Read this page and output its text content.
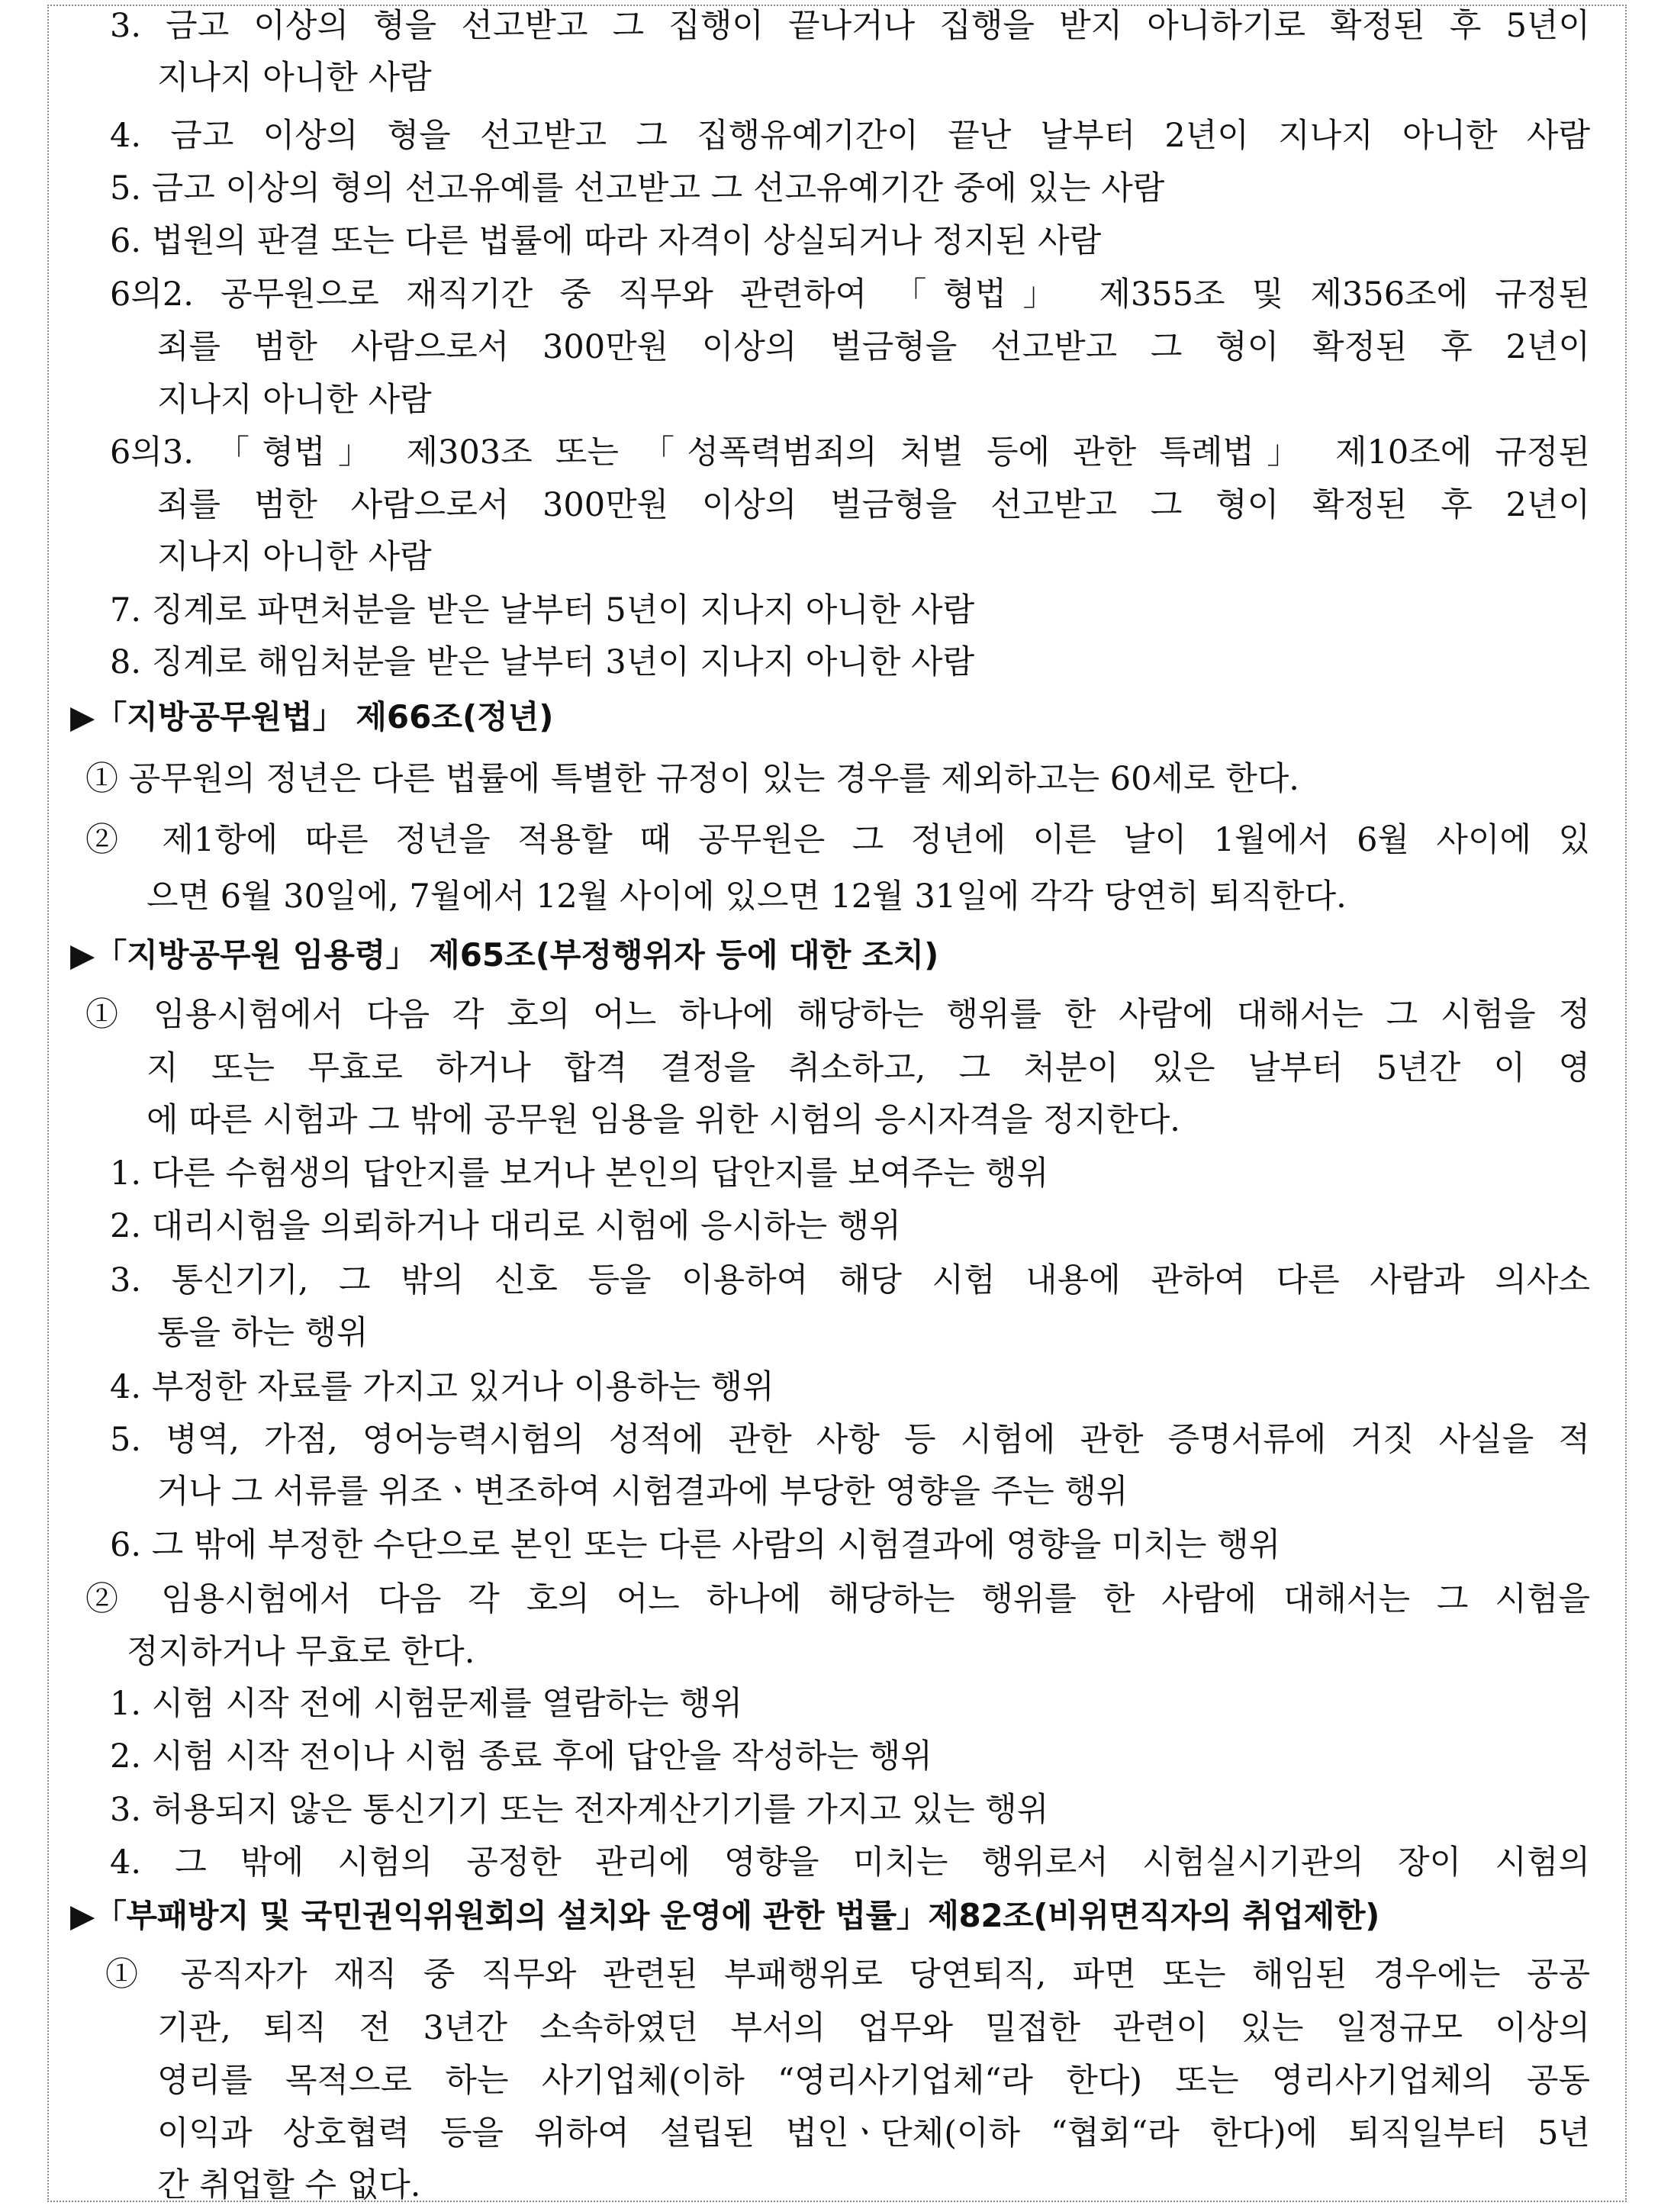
3. 금고 이상의 형을 선고받고 그 집행이 끝나거나 집행을 받지 아니하기로 확정된 후 5년이
지나지 아니한 사람
4. 금고 이상의 형을 선고받고 그 집행유예기간이 끝난 날부터 2년이 지나지 아니한 사람
5. 금고 이상의 형의 선고유예를 선고받고 그 선고유예기간 중에 있는 사람
6. 법원의 판결 또는 다른 법률에 따라 자격이 상실되거나 정지된 사람
6의2. 공무원으로 재직기간 중 직무와 관련하여 「형법」 제355조 및 제356조에 규정된
죄를 범한 사람으로서 300만원 이상의 벌금형을 선고받고 그 형이 확정된 후 2년이
지나지 아니한 사람
6의3. 「형법」 제303조 또는 「성폭력범죄의 처벌 등에 관한 특례법」 제10조에 규정된
죄를 범한 사람으로서 300만원 이상의 벌금형을 선고받고 그 형이 확정된 후 2년이
지나지 아니한 사람
7. 징계로 파면처분을 받은 날부터 5년이 지나지 아니한 사람
8. 징계로 해임처분을 받은 날부터 3년이 지나지 아니한 사람
▶「지방공무원법」 제66조(정년)
① 공무원의 정년은 다른 법률에 특별한 규정이 있는 경우를 제외하고는 60세로 한다.
② 제1항에 따른 정년을 적용할 때 공무원은 그 정년에 이른 날이 1월에서 6월 사이에 있
으면 6월 30일에, 7월에서 12월 사이에 있으면 12월 31일에 각각 당연히 퇴직한다.
▶「지방공무원 임용령」 제65조(부정행위자 등에 대한 조치)
① 임용시험에서 다음 각 호의 어느 하나에 해당하는 행위를 한 사람에 대해서는 그 시험을 정
지 또는 무효로 하거나 합격 결정을 취소하고, 그 처분이 있은 날부터 5년간 이 영
에 따른 시험과 그 밖에 공무원 임용을 위한 시험의 응시자격을 정지한다.
1. 다른 수험생의 답안지를 보거나 본인의 답안지를 보여주는 행위
2. 대리시험을 의뢰하거나 대리로 시험에 응시하는 행위
3. 통신기기, 그 밖의 신호 등을 이용하여 해당 시험 내용에 관하여 다른 사람과 의사소
통을 하는 행위
4. 부정한 자료를 가지고 있거나 이용하는 행위
5. 병역, 가점, 영어능력시험의 성적에 관한 사항 등 시험에 관한 증명서류에 거짓 사실을 적
거나 그 서류를 위조ㆍ변조하여 시험결과에 부당한 영향을 주는 행위
6. 그 밖에 부정한 수단으로 본인 또는 다른 사람의 시험결과에 영향을 미치는 행위
② 임용시험에서 다음 각 호의 어느 하나에 해당하는 행위를 한 사람에 대해서는 그 시험을
정지하거나 무효로 한다.
1. 시험 시작 전에 시험문제를 열람하는 행위
2. 시험 시작 전이나 시험 종료 후에 답안을 작성하는 행위
3. 허용되지 않은 통신기기 또는 전자계산기기를 가지고 있는 행위
4. 그 밖에 시험의 공정한 관리에 영향을 미치는 행위로서 시험실시기관의 장이 시험의
▶「부패방지 및 국민권익위원회의 설치와 운영에 관한 법률」제82조(비위면직자의 취업제한)
① 공직자가 재직 중 직무와 관련된 부패행위로 당연퇴직, 파면 또는 해임된 경우에는 공공
기관, 퇴직 전 3년간 소속하였던 부서의 업무와 밀접한 관련이 있는 일정규모 이상의
영리를 목적으로 하는 사기업체(이하 “영리사기업체“라 한다) 또는 영리사기업체의 공동
이익과 상호협력 등을 위하여 설립된 법인ㆍ단체(이하 “협회“라 한다)에 퇴직일부터 5년
간 취업할 수 없다.
